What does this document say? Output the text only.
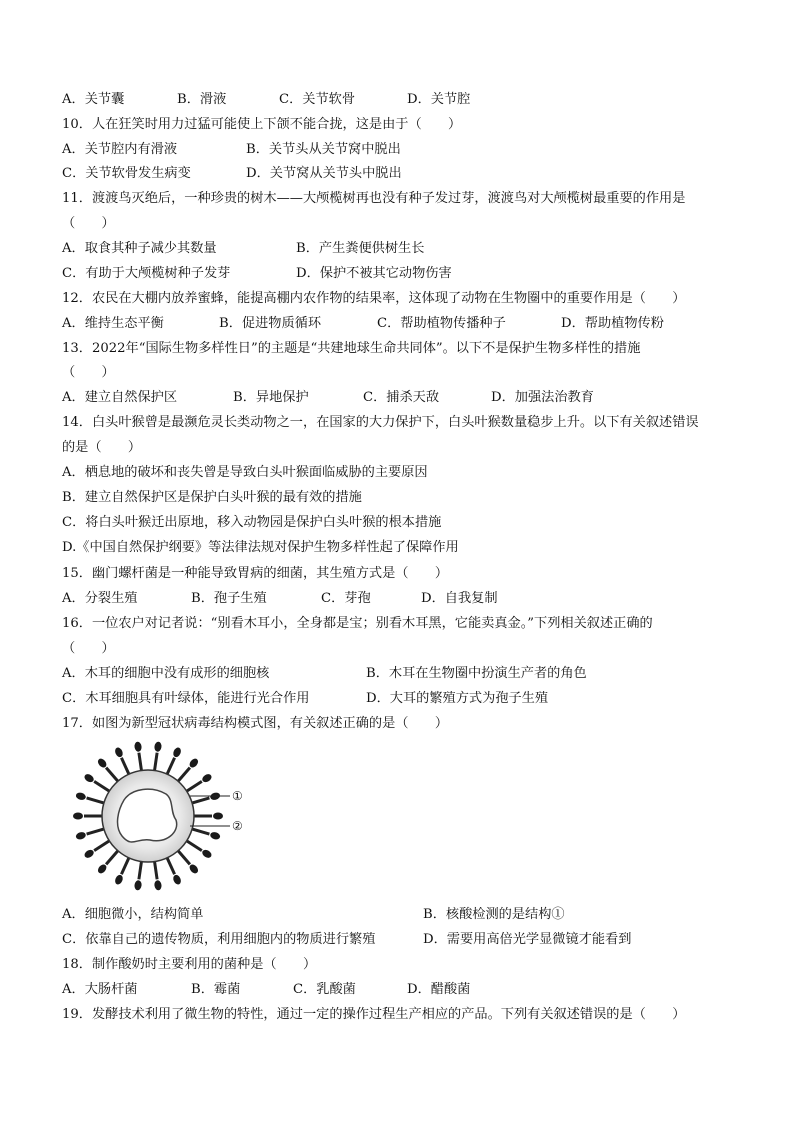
A．关节囊	B．滑液	C．关节软骨	D．关节腔
10．人在狂笑时用力过猛可能使上下颌不能合拢，这是由于（　　）
A．关节腔内有滑液	B．关节头从关节窝中脱出
C．关节软骨发生病变	D．关节窝从关节头中脱出
11．渡渡鸟灭绝后，一种珍贵的树木——大颅榄树再也没有种子发过芽，渡渡鸟对大颅榄树最重要的作用是
（　　）
A．取食其种子减少其数量	B．产生粪便供树生长
C．有助于大颅榄树种子发芽	D．保护不被其它动物伤害
12．农民在大棚内放养蜜蜂，能提高棚内农作物的结果率，这体现了动物在生物圈中的重要作用是（　　）
A．维持生态平衡	B．促进物质循环	C．帮助植物传播种子	D．帮助植物传粉
13．2022年“国际生物多样性日”的主题是“共建地球生命共同体”。以下不是保护生物多样性的措施
（　　）
A．建立自然保护区	B．异地保护	C．捕杀天敌	D．加强法治教育
14．白头叶猴曾是最濒危灵长类动物之一，在国家的大力保护下，白头叶猴数量稳步上升。以下有关叙述错误
的是（　　）
A．栖息地的破坏和丧失曾是导致白头叶猴面临威胁的主要原因
B．建立自然保护区是保护白头叶猴的最有效的措施
C．将白头叶猴迁出原地，移入动物园是保护白头叶猴的根本措施
D.《中国自然保护纲要》等法律法规对保护生物多样性起了保障作用
15．幽门螺杆菌是一种能导致胃病的细菌，其生殖方式是（　　）
A．分裂生殖	B．孢子生殖	C．芽孢	D．自我复制
16．一位农户对记者说：“别看木耳小，全身都是宝；别看木耳黑，它能卖真金。”下列相关叙述正确的
（　　）
A．木耳的细胞中没有成形的细胞核	B．木耳在生物圈中扮演生产者的角色
C．木耳细胞具有叶绿体，能进行光合作用	D．大耳的繁殖方式为孢子生殖
17．如图为新型冠状病毒结构模式图，有关叙述正确的是（　　）
①
②
A．细胞微小，结构简单	B．核酸检测的是结构①
C．依靠自己的遗传物质，利用细胞内的物质进行繁殖	D．需要用高倍光学显微镜才能看到
18．制作酸奶时主要利用的菌种是（　　）
A．大肠杆菌	B．霉菌	C．乳酸菌	D．醋酸菌
19．发酵技术利用了微生物的特性，通过一定的操作过程生产相应的产品。下列有关叙述错误的是（　　）
